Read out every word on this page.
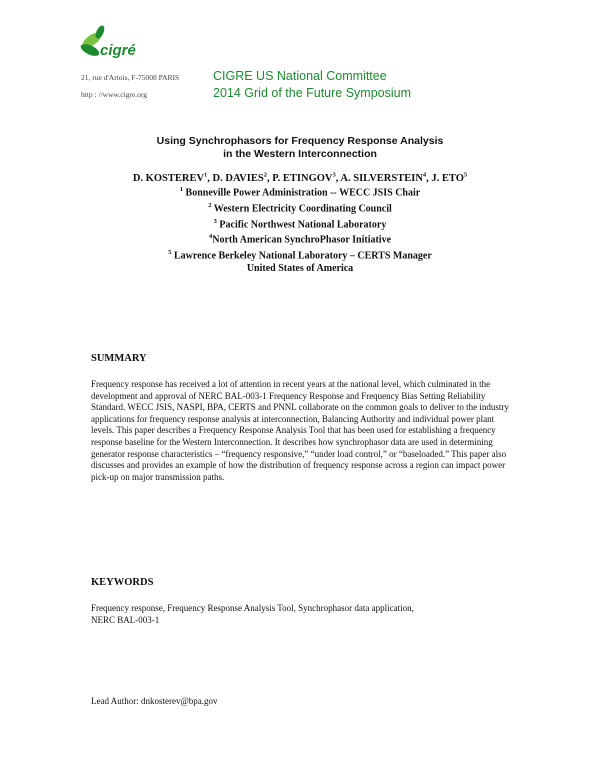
cigré
21, rue d'Artois, F-75008 PARIS
http : //www.cigre.org
CIGRE US National Committee
2014 Grid of the Future Symposium
Using Synchrophasors for Frequency Response Analysis
in the Western Interconnection
D. KOSTEREV$^1$, D. DAVIES$^2$, P. ETINGOV$^3$, A. SILVERSTEIN$^4$, J. ETO$^5$
$^1$ Bonneville Power Administration -- WECC JSIS Chair
$^2$ Western Electricity Coordinating Council
$^3$ Pacific Northwest National Laboratory
$^4$North American SynchroPhasor Initiative
$^5$ Lawrence Berkeley National Laboratory – CERTS Manager
United States of America
SUMMARY
Frequency response has received a lot of attention in recent years at the national level, which culminated in the development and approval of NERC BAL-003-1 Frequency Response and Frequency Bias Setting Reliability Standard. WECC JSIS, NASPI, BPA, CERTS and PNNL collaborate on the common goals to deliver to the industry applications for frequency response analysis at interconnection, Balancing Authority and individual power plant levels. This paper describes a Frequency Response Analysis Tool that has been used for establishing a frequency response baseline for the Western Interconnection. It describes how synchrophasor data are used in determining generator response characteristics – “frequency responsive,” “under load control,” or “baseloaded.” This paper also discusses and provides an example of how the distribution of frequency response across a region can impact power pick-up on major transmission paths.
KEYWORDS
Frequency response, Frequency Response Analysis Tool, Synchrophasor data application, NERC BAL-003-1
Lead Author: dnkosterev@bpa.gov
